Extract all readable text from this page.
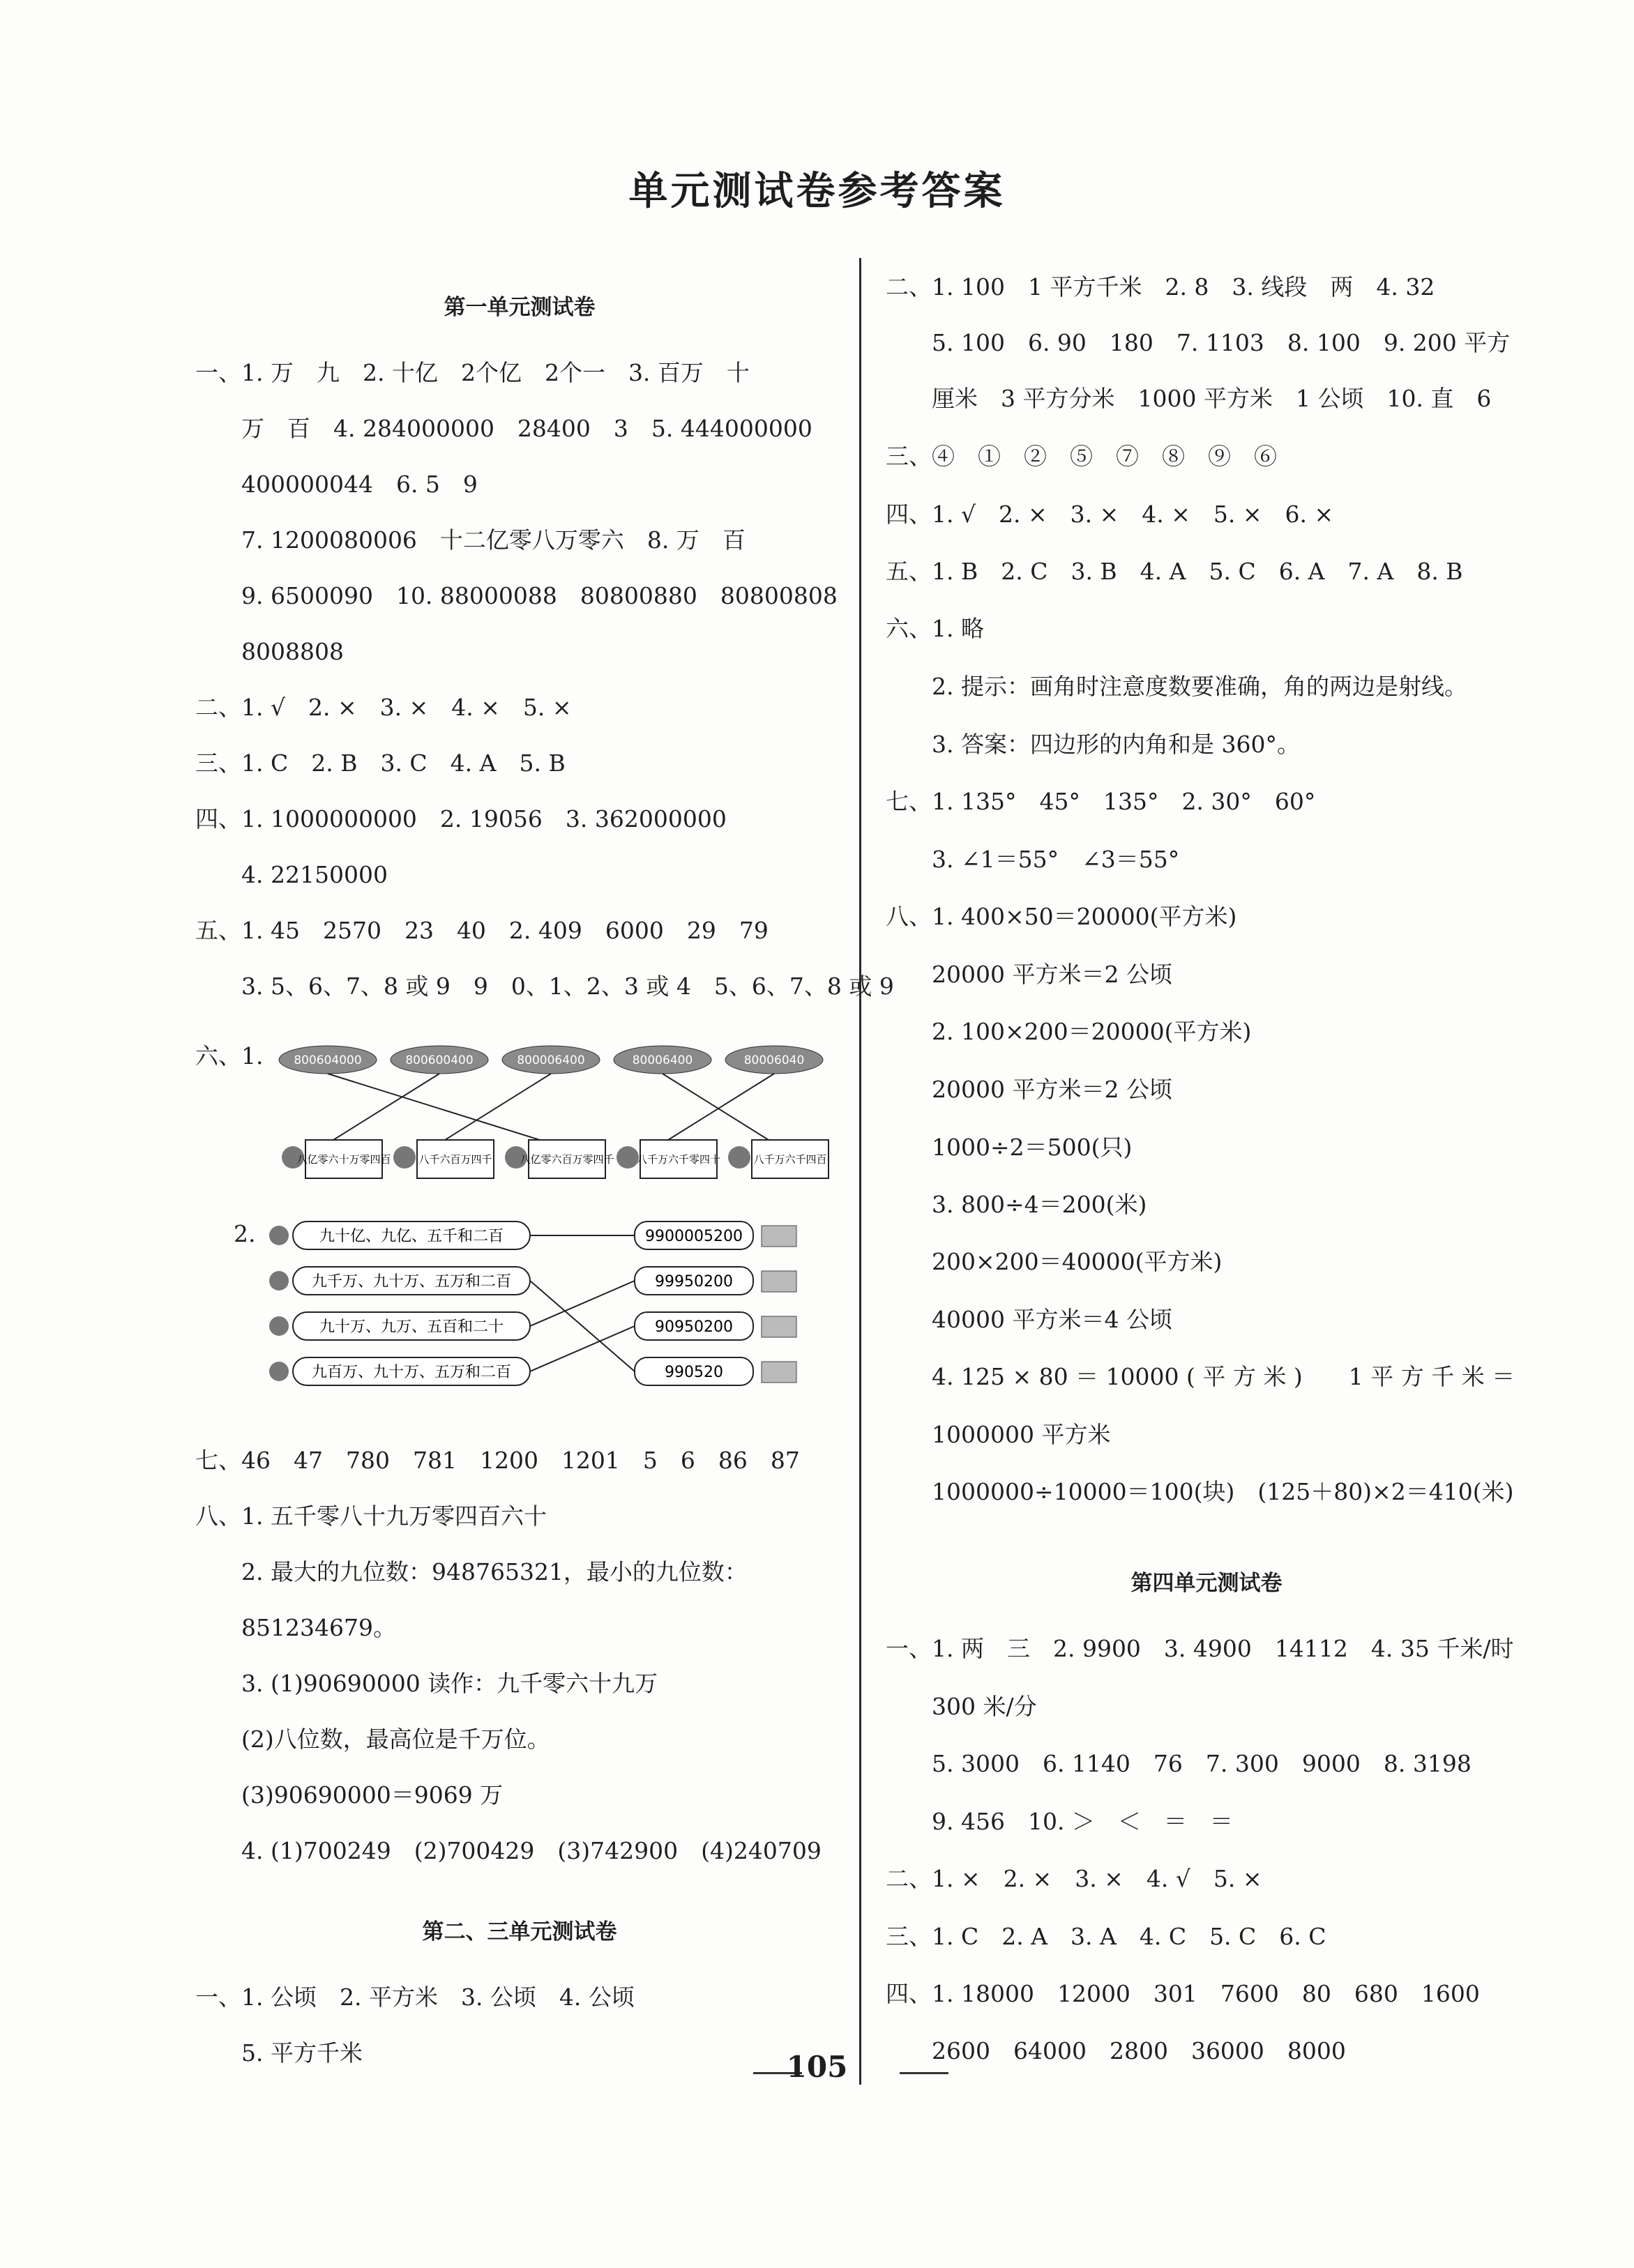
单元测试卷参考答案
第一单元测试卷
一、1. 万　九　2. 十亿　2个亿　2个一　3. 百万　十
　　万　百　4. 284000000　28400　3　5. 444000000
　　400000044　6. 5　9
　　7. 1200080006　十二亿零八万零六　8. 万　百
　　9. 6500090　10. 88000088　80800880　80800808
　　8008808
二、1. √　2. ×　3. ×　4. ×　5. ×
三、1. C　2. B　3. C　4. A　5. B
四、1. 1000000000　2. 19056　3. 362000000
　　4. 22150000
五、1. 45　2570　23　40　2. 409　6000　29　79
　　3. 5、6、7、8 或 9　9　0、1、2、3 或 4　5、6、7、8 或 9
六、1.	800604000	800600400	800006400	80006400	80006040
八亿零六十万零四百	八千六百万四千	八亿零六百万零四千 八千万六千零四十	八千万六千四百
2.	九十亿、九亿、五千和二百
九千万、九十万、五万和二百
九十万、九万、五百和二十
九百万、九十万、五万和二百
9900005200
99950200
90950200
990520
七、46　47　780　781　1200　1201　5　6　86　87
八、1. 五千零八十九万零四百六十
　　2. 最大的九位数：948765321，最小的九位数：
　　851234679。
　　3. (1)90690000 读作：九千零六十九万
　　(2)八位数，最高位是千万位。
　　(3)90690000＝9069 万
　　4. (1)700249　(2)700429　(3)742900　(4)240709
第二、三单元测试卷
一、1. 公顷　2. 平方米　3. 公顷　4. 公顷
　　5. 平方千米
二、1. 100　1 平方千米　2. 8　3. 线段　两　4. 32
　　5. 100　6. 90　180　7. 1103　8. 100　9. 200 平方
　　厘米　3 平方分米　1000 平方米　1 公顷　10. 直　6
三、④　①　②　⑤　⑦　⑧　⑨　⑥
四、1. √　2. ×　3. ×　4. ×　5. ×　6. ×
五、1. B　2. C　3. B　4. A　5. C　6. A　7. A　8. B
六、1. 略
　　2. 提示：画角时注意度数要准确，角的两边是射线。
　　3. 答案：四边形的内角和是 360°。
七、1. 135°　45°　135°　2. 30°　60°
　　3. ∠1＝55°　∠3＝55°
八、1. 400×50＝20000(平方米)
　　20000 平方米＝2 公顷
　　2. 100×200＝20000(平方米)
　　20000 平方米＝2 公顷
　　1000÷2＝500(只)
　　3. 800÷4＝200(米)
　　200×200＝40000(平方米)
　　40000 平方米＝4 公顷
　　4. 125 × 80 ＝ 10000 ( 平 方 米 )　　1 平 方 千 米 ＝
　　1000000 平方米
　　1000000÷10000＝100(块)　(125＋80)×2＝410(米)
第四单元测试卷
一、1. 两　三　2. 9900　3. 4900　14112　4. 35 千米/时
　　300 米/分
　　5. 3000　6. 1140　76　7. 300　9000　8. 3198
　　9. 456　10. ＞　＜　＝　＝
二、1. ×　2. ×　3. ×　4. √　5. ×
三、1. C　2. A　3. A　4. C　5. C　6. C
四、1. 18000　12000　301　7600　80　680　1600
　　2600　64000　2800　36000　8000
105
